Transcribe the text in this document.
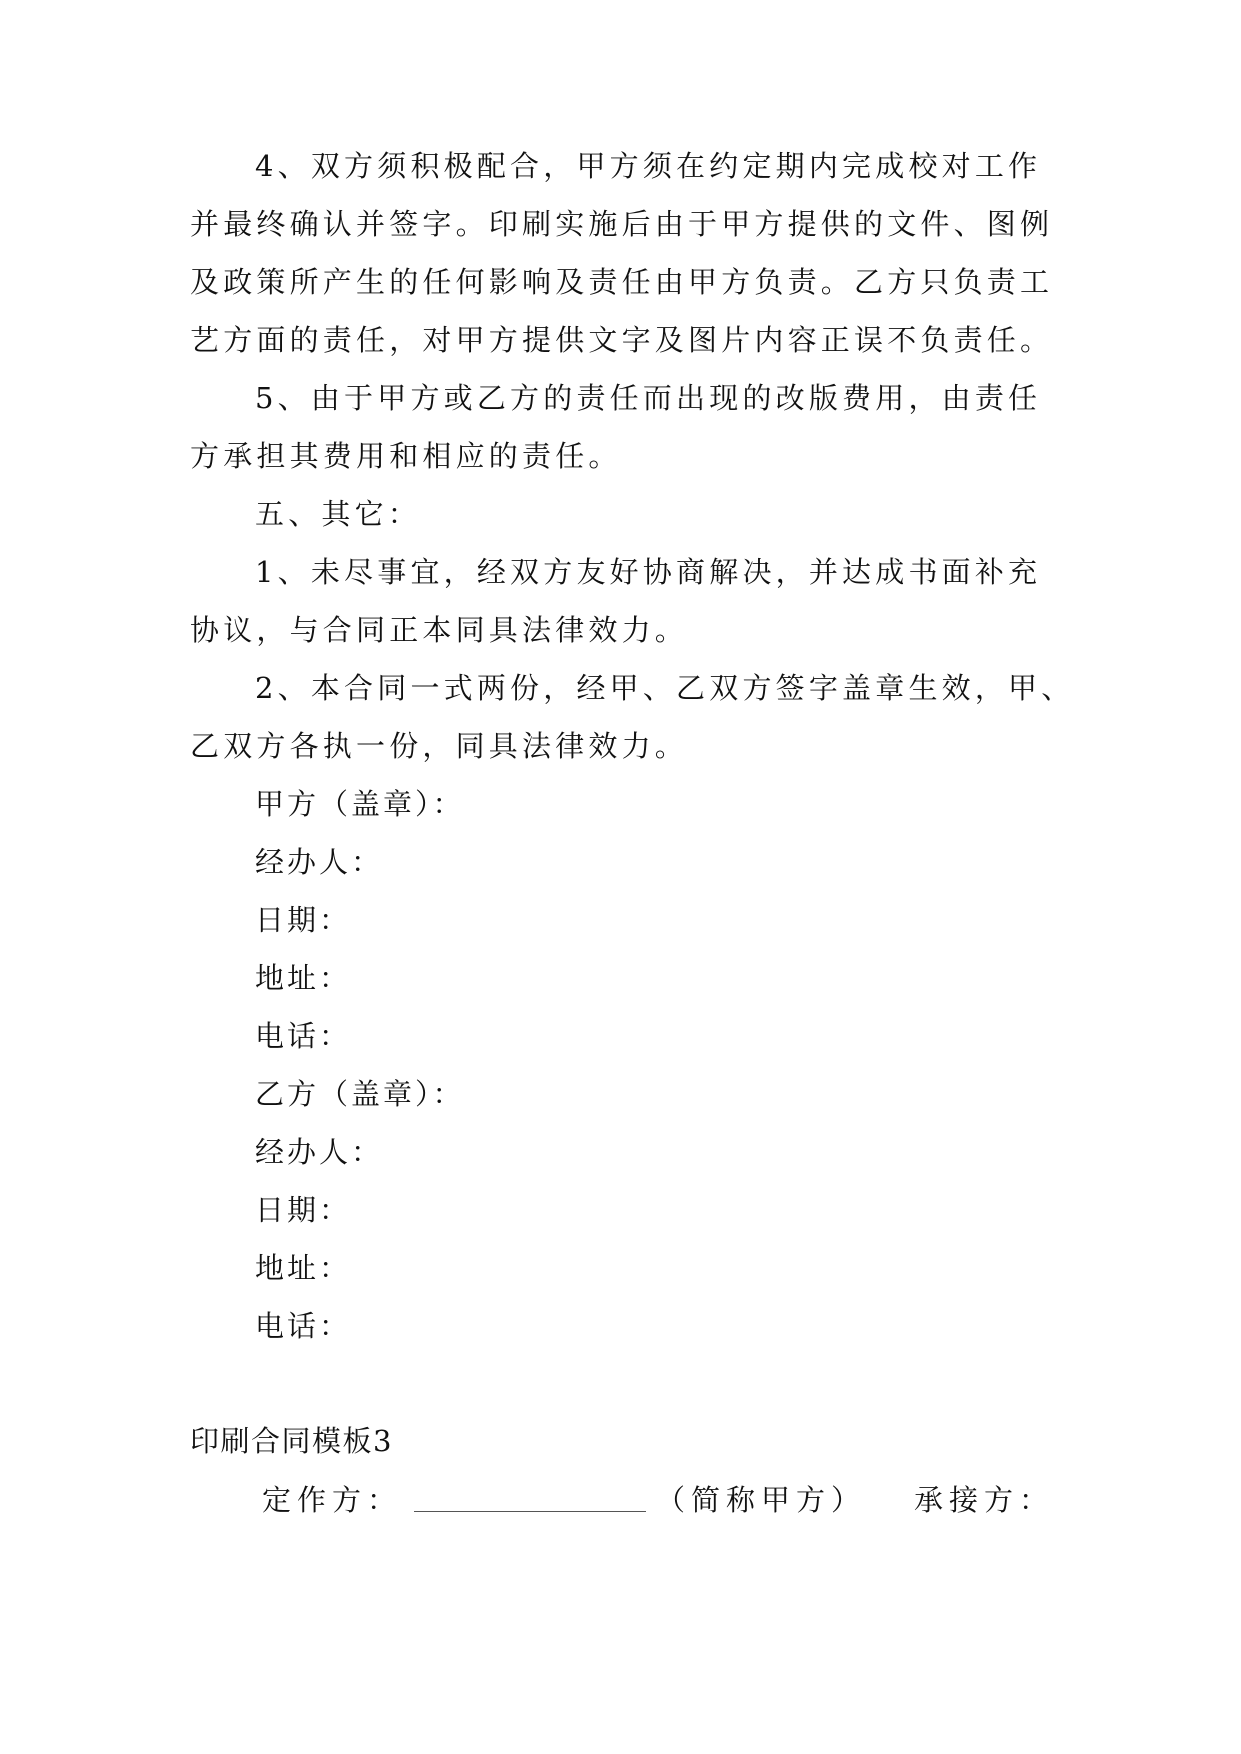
4、双方须积极配合，甲方须在约定期内完成校对工作
并最终确认并签字。印刷实施后由于甲方提供的文件、图例
及政策所产生的任何影响及责任由甲方负责。乙方只负责工
艺方面的责任，对甲方提供文字及图片内容正误不负责任。
5、由于甲方或乙方的责任而出现的改版费用，由责任
方承担其费用和相应的责任。
五、其它：
1、未尽事宜，经双方友好协商解决，并达成书面补充
协议，与合同正本同具法律效力。
2、本合同一式两份，经甲、乙双方签字盖章生效，甲、
乙双方各执一份，同具法律效力。
甲方（盖章）：
经办人：
日期：
地址：
电话：
乙方（盖章）：
经办人：
日期：
地址：
电话：
印刷合同模板3
定作方：	（简称甲方） 承接方：
